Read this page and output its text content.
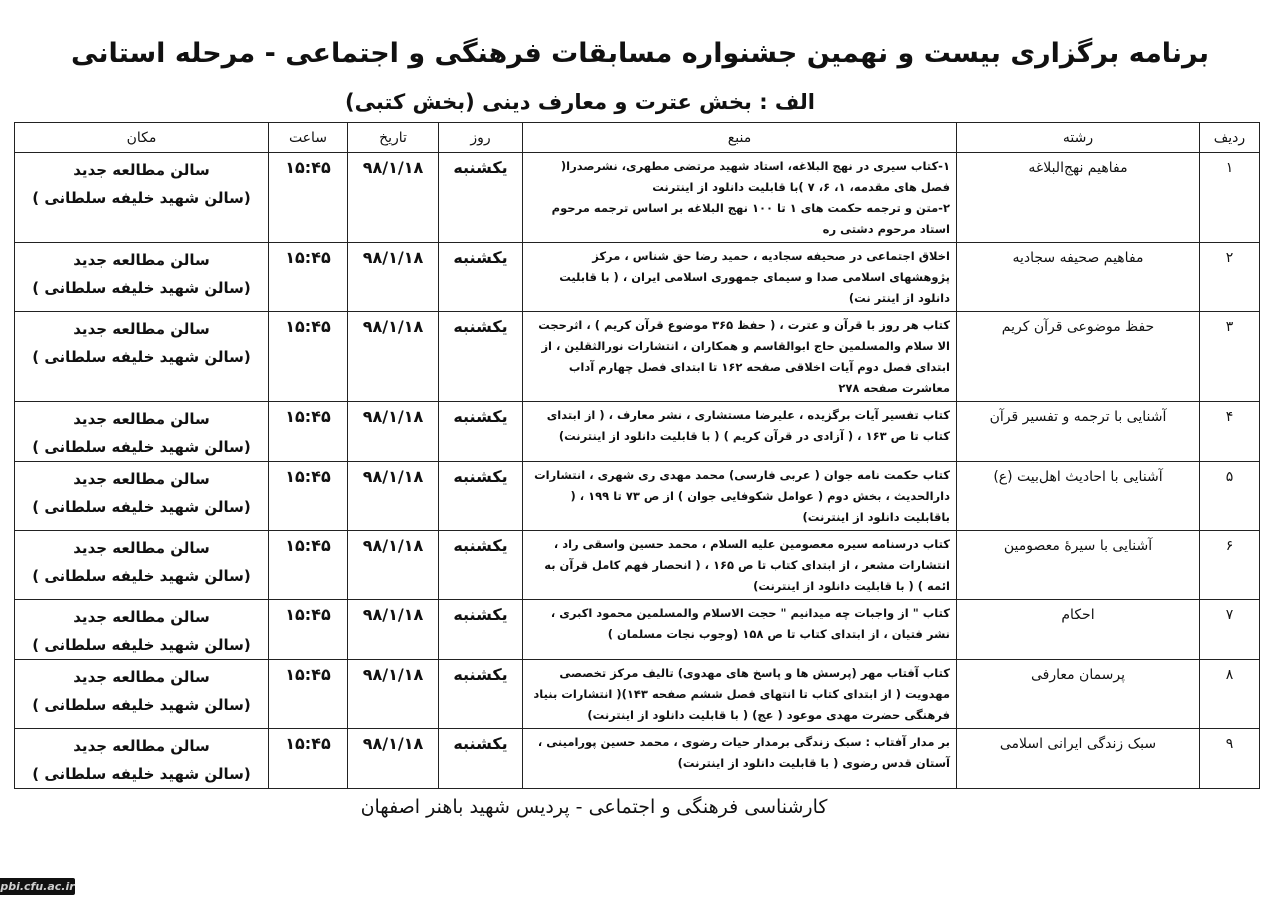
برنامه برگزاری بیست و نهمین جشنواره مسابقات فرهنگی و اجتماعی - مرحله استانی
الف : بخش عترت و معارف دینی (بخش کتبی)
ردیف	رشته	منبع	روز	تاریخ	ساعت	مکان
۱	مفاهیم نهج‌البلاغه	۱-کتاب سیری در نهج البلاغه، استاد شهید مرتضی مطهری، نشرصدرا( فصل های مقدمه، ۱، ۶، ۷ )با قابلیت دانلود از اینترنت
۲-متن و ترجمه حکمت های ۱ تا ۱۰۰ نهج البلاغه بر اساس ترجمه مرحوم استاد مرحوم دشتی ره	یکشنبه	۹۸/۱/۱۸	۱۵:۴۵	سالن مطالعه جدید
(سالن شهید خلیفه سلطانی )

۲	مفاهیم صحیفه سجادیه	اخلاق اجتماعی در صحیفه سجادیه ، حمید رضا حق شناس ، مرکز پژوهشهای اسلامی صدا و سیمای جمهوری اسلامی ایران ، ( با قابلیت دانلود از اینتر نت)	یکشنبه	۹۸/۱/۱۸	۱۵:۴۵	سالن مطالعه جدید
(سالن شهید خلیفه سلطانی )

۳	حفظ موضوعی قرآن کریم	کتاب هر روز با قرآن و عترت ، ( حفظ ۳۶۵ موضوع قرآن کریم ) ، اثرحجت الا سلام والمسلمین حاج ابوالقاسم و همکاران ، انتشارات نورالثقلین ، از ابتدای فصل دوم آیات اخلاقی صفحه ۱۶۲ تا ابتدای فصل چهارم آداب معاشرت صفحه ۲۷۸	یکشنبه	۹۸/۱/۱۸	۱۵:۴۵	سالن مطالعه جدید
(سالن شهید خلیفه سلطانی )

۴	آشنایی با ترجمه و تفسیر قرآن	کتاب تفسیر آیات برگزیده ، علیرضا مستشاری ، نشر معارف ، ( از ابتدای کتاب تا ص ۱۶۳ ، ( آزادی در قرآن کریم ) ( با قابلیت دانلود از اینترنت)	یکشنبه	۹۸/۱/۱۸	۱۵:۴۵	سالن مطالعه جدید
(سالن شهید خلیفه سلطانی )

۵	آشنایی با احادیث اهل‌بیت (ع)	کتاب حکمت نامه جوان ( عربی فارسی) محمد مهدی ری شهری ، انتشارات دارالحدیث ، بخش دوم ( عوامل شکوفایی جوان ) از ص ۷۳ تا ۱۹۹ ، ( باقابلیت دانلود از اینترنت)	یکشنبه	۹۸/۱/۱۸	۱۵:۴۵	سالن مطالعه جدید
(سالن شهید خلیفه سلطانی )

۶	آشنایی با سیرهٔ معصومین	کتاب درسنامه سیره معصومین علیه السلام ، محمد حسین واسقی راد ، انتشارات مشعر ، از ابتدای کتاب تا ص ۱۶۵ ، ( انحصار فهم کامل قرآن به ائمه ) ( با قابلیت دانلود از اینترنت)	یکشنبه	۹۸/۱/۱۸	۱۵:۴۵	سالن مطالعه جدید
(سالن شهید خلیفه سلطانی )

۷	احکام	کتاب " از واجبات چه میدانیم " حجت الاسلام والمسلمین محمود اکبری ، نشر فتیان ، از ابتدای کتاب تا ص ۱۵۸ (وجوب نجات مسلمان )	یکشنبه	۹۸/۱/۱۸	۱۵:۴۵	سالن مطالعه جدید
(سالن شهید خلیفه سلطانی )

۸	پرسمان معارفی	کتاب آفتاب مهر (پرسش ها و پاسخ های مهدوی) تالیف مرکز تخصصی مهدویت ( از ابتدای کتاب تا انتهای فصل ششم صفحه ۱۴۳)( انتشارات بنیاد فرهنگی حضرت مهدی موعود ( عج) ( با قابلیت دانلود از اینترنت)	یکشنبه	۹۸/۱/۱۸	۱۵:۴۵	سالن مطالعه جدید
(سالن شهید خلیفه سلطانی )

۹	سبک زندگی ایرانی اسلامی	بر مدار آفتاب : سبک زندگی برمدار حیات رضوی ، محمد حسین پورامینی ، آستان قدس رضوی ( با قابلیت دانلود از اینترنت)	یکشنبه	۹۸/۱/۱۸	۱۵:۴۵	سالن مطالعه جدید
(سالن شهید خلیفه سلطانی )
کارشناسی فرهنگی و اجتماعی - پردیس شهید باهنر اصفهان
pbi.cfu.ac.ir
